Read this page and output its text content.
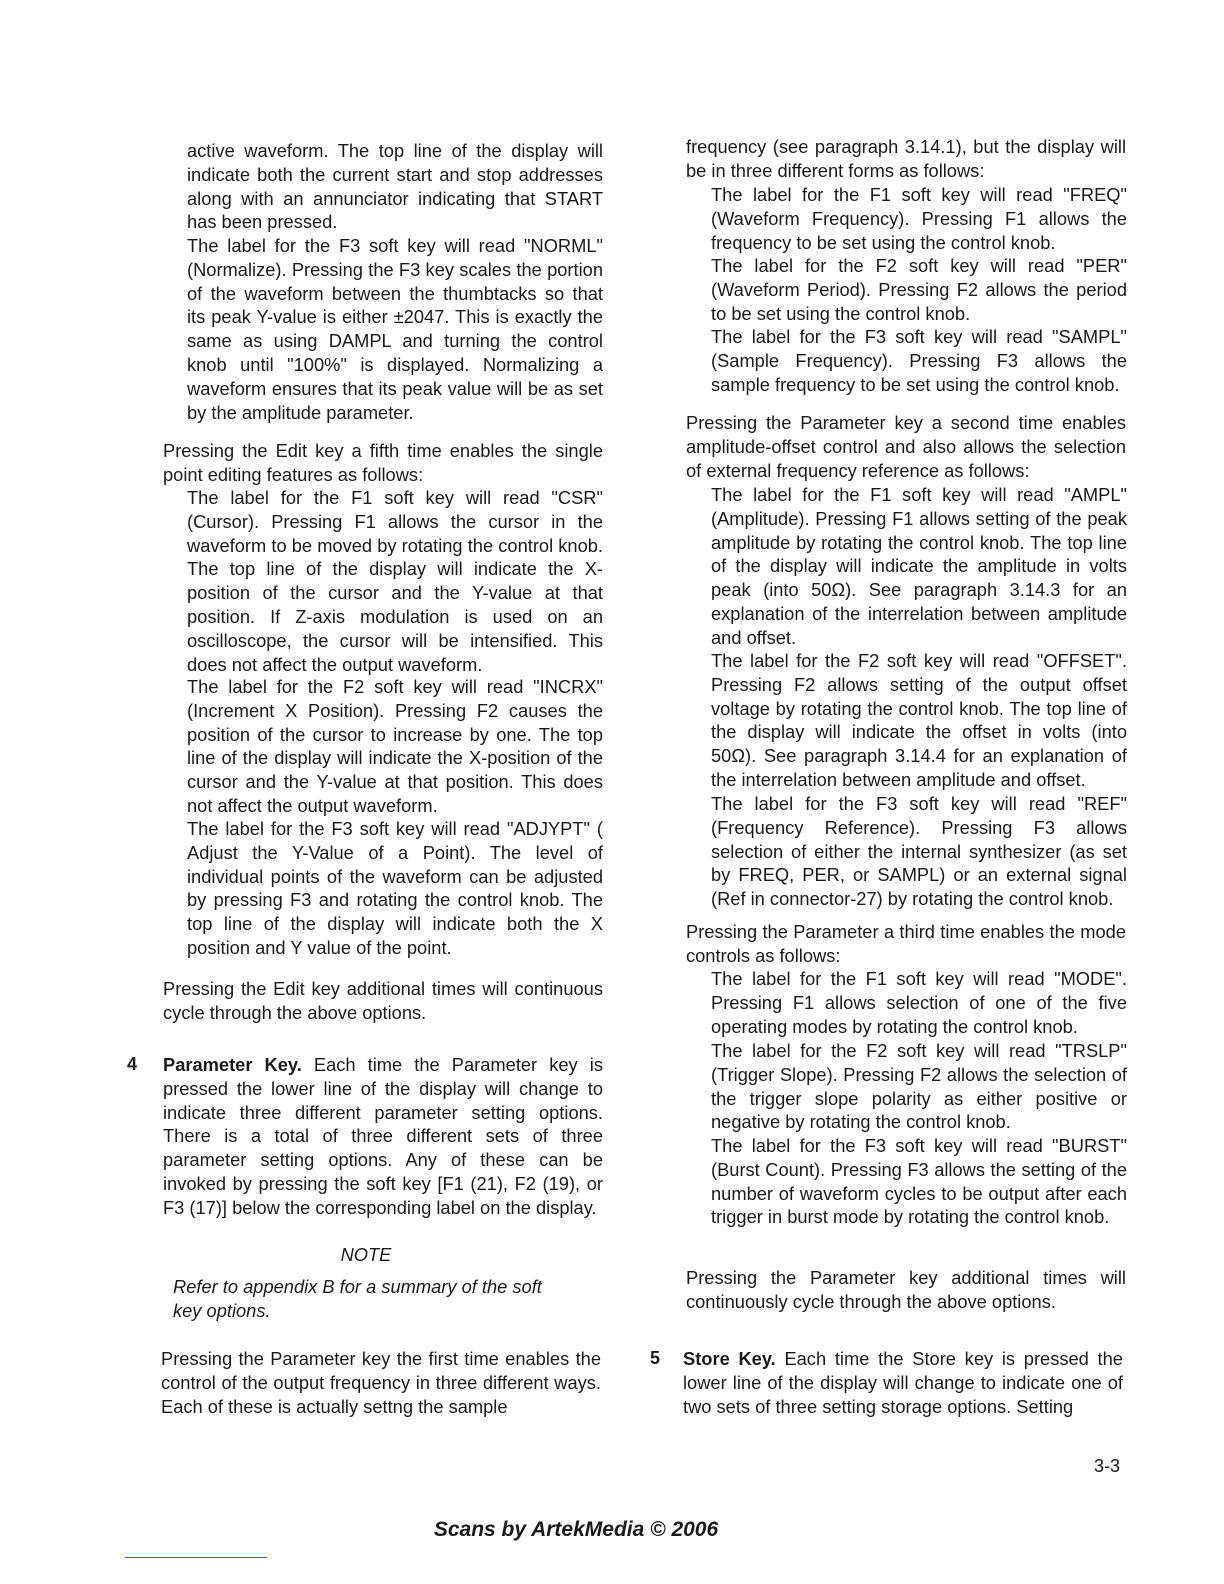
active waveform. The top line of the display will indicate both the current start and stop addresses along with an annunciator indicating that START has been pressed.

The label for the F3 soft key will read "NORML" (Normalize). Pressing the F3 key scales the portion of the waveform between the thumbtacks so that its peak Y-value is either ±2047. This is exactly the same as using DAMPL and turning the control knob until "100%" is displayed. Normalizing a waveform ensures that its peak value will be as set by the amplitude parameter.

Pressing the Edit key a fifth time enables the single point editing features as follows:

The label for the F1 soft key will read "CSR" (Cursor). Pressing F1 allows the cursor in the waveform to be moved by rotating the control knob. The top line of the display will indicate the X-position of the cursor and the Y-value at that position. If Z-axis modulation is used on an oscilloscope, the cursor will be intensified. This does not affect the output waveform.

The label for the F2 soft key will read "INCRX" (Increment X Position). Pressing F2 causes the position of the cursor to increase by one. The top line of the display will indicate the X-position of the cursor and the Y-value at that position. This does not affect the output waveform.

The label for the F3 soft key will read "ADJYPT" ( Adjust the Y-Value of a Point). The level of individual points of the waveform can be adjusted by pressing F3 and rotating the control knob. The top line of the display will indicate both the X position and Y value of the point.

Pressing the Edit key additional times will continuous cycle through the above options.

4 Parameter Key. Each time the Parameter key is pressed the lower line of the display will change to indicate three different parameter setting options. There is a total of three different sets of three parameter setting options. Any of these can be invoked by pressing the soft key [F1 (21), F2 (19), or F3 (17)] below the corresponding label on the display.

NOTE

Refer to appendix B for a summary of the soft key options.

Pressing the Parameter key the first time enables the control of the output frequency in three different ways. Each of these is actually settng the sample

frequency (see paragraph 3.14.1), but the display will be in three different forms as follows:

The label for the F1 soft key will read "FREQ" (Waveform Frequency). Pressing F1 allows the frequency to be set using the control knob.

The label for the F2 soft key will read "PER" (Waveform Period). Pressing F2 allows the period to be set using the control knob.

The label for the F3 soft key will read "SAMPL" (Sample Frequency). Pressing F3 allows the sample frequency to be set using the control knob.

Pressing the Parameter key a second time enables amplitude-offset control and also allows the selection of external frequency reference as follows:

The label for the F1 soft key will read "AMPL" (Amplitude). Pressing F1 allows setting of the peak amplitude by rotating the control knob. The top line of the display will indicate the amplitude in volts peak (into 50Ω). See paragraph 3.14.3 for an explanation of the interrelation between amplitude and offset.

The label for the F2 soft key will read "OFFSET". Pressing F2 allows setting of the output offset voltage by rotating the control knob. The top line of the display will indicate the offset in volts (into 50Ω). See paragraph 3.14.4 for an explanation of the interrelation between amplitude and offset.

The label for the F3 soft key will read "REF" (Frequency Reference). Pressing F3 allows selection of either the internal synthesizer (as set by FREQ, PER, or SAMPL) or an external signal (Ref in connector-27) by rotating the control knob.

Pressing the Parameter a third time enables the mode controls as follows:

The label for the F1 soft key will read "MODE". Pressing F1 allows selection of one of the five operating modes by rotating the control knob.

The label for the F2 soft key will read "TRSLP" (Trigger Slope). Pressing F2 allows the selection of the trigger slope polarity as either positive or negative by rotating the control knob.

The label for the F3 soft key will read "BURST" (Burst Count). Pressing F3 allows the setting of the number of waveform cycles to be output after each trigger in burst mode by rotating the control knob.

Pressing the Parameter key additional times will continuously cycle through the above options.

5 Store Key. Each time the Store key is pressed the lower line of the display will change to indicate one of two sets of three setting storage options. Setting

3-3
Scans by ArtekMedia © 2006
